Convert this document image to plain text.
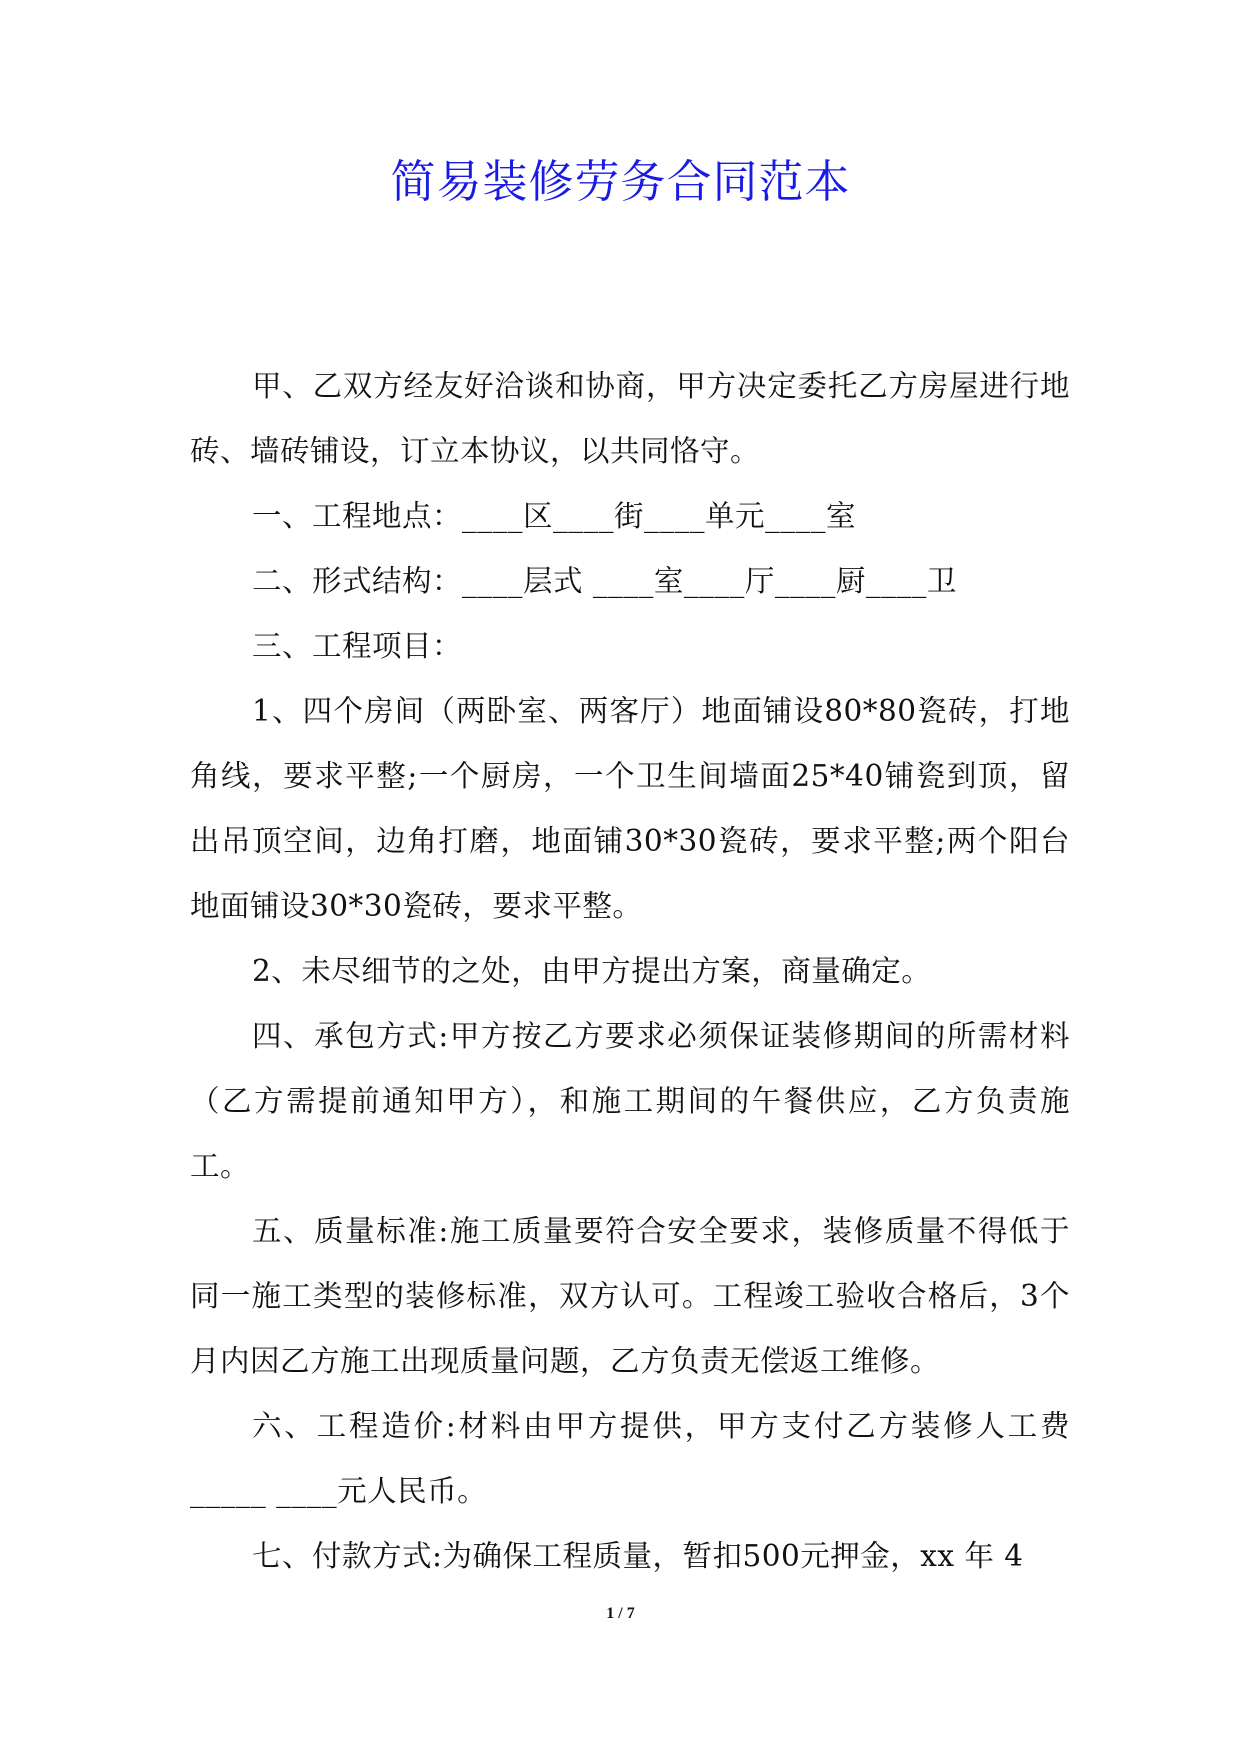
简易装修劳务合同范本

甲、乙双方经友好洽谈和协商，甲方决定委托乙方房屋进行地砖、墙砖铺设，订立本协议，以共同恪守。

一、工程地点：____区____街____单元____室

二、形式结构：____层式 ____室____厅____厨____卫

三、工程项目：

1、四个房间（两卧室、两客厅）地面铺设80*80瓷砖，打地角线，要求平整;一个厨房，一个卫生间墙面25*40铺瓷到顶，留出吊顶空间，边角打磨，地面铺30*30瓷砖，要求平整;两个阳台地面铺设30*30瓷砖，要求平整。

2、未尽细节的之处，由甲方提出方案，商量确定。

四、承包方式:甲方按乙方要求必须保证装修期间的所需材料（乙方需提前通知甲方），和施工期间的午餐供应，乙方负责施工。

五、质量标准:施工质量要符合安全要求，装修质量不得低于同一施工类型的装修标准，双方认可。工程竣工验收合格后，3个月内因乙方施工出现质量问题，乙方负责无偿返工维修。

六、工程造价:材料由甲方提供，甲方支付乙方装修人工费_____ ____元人民币。

七、付款方式:为确保工程质量，暂扣500元押金，xx 年 4

1 / 7
